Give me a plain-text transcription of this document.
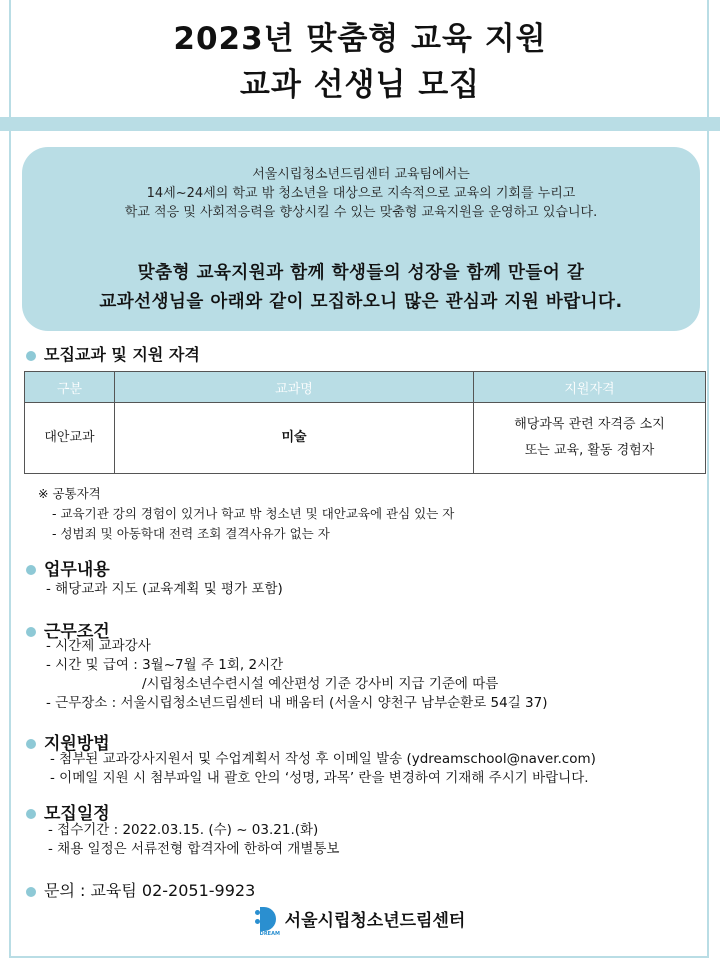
2023년 맞춤형 교육 지원
교과 선생님 모집
서울시립청소년드림센터 교육팀에서는
14세~24세의 학교 밖 청소년을 대상으로 지속적으로 교육의 기회를 누리고
학교 적응 및 사회적응력을 향상시킬 수 있는 맞춤형 교육지원을 운영하고 있습니다.
맞춤형 교육지원과 함께 학생들의 성장을 함께 만들어 갈
교과선생님을 아래와 같이 모집하오니 많은 관심과 지원 바랍니다.
모집교과 및 지원 자격
구분	교과명	지원자격
대안교과	미술	해당과목 관련 자격증 소지
또는 교육, 활동 경험자
※ 공통자격
- 교육기관 강의 경험이 있거나 학교 밖 청소년 및 대안교육에 관심 있는 자
- 성범죄 및 아동학대 전력 조회 결격사유가 없는 자
업무내용
- 해당교과 지도 (교육계획 및 평가 포함)
근무조건
- 시간제 교과강사
- 시간 및 급여 : 3월~7월 주 1회, 2시간
/시립청소년수련시설 예산편성 기준 강사비 지급 기준에 따름
- 근무장소 : 서울시립청소년드림센터 내 배움터 (서울시 양천구 남부순환로 54길 37)
지원방법
- 첨부된 교과강사지원서 및 수업계획서 작성 후 이메일 발송 (ydreamschool@naver.com)
- 이메일 지원 시 첨부파일 내 괄호 안의 ‘성명, 과목’ 란을 변경하여 기재해 주시기 바랍니다.
모집일정
- 접수기간 : 2022.03.15. (수) ~ 03.21.(화)
- 채용 일정은 서류전형 합격자에 한하여 개별통보
문의 : 교육팀 02-2051-9923
DREAM
서울시립청소년드림센터
